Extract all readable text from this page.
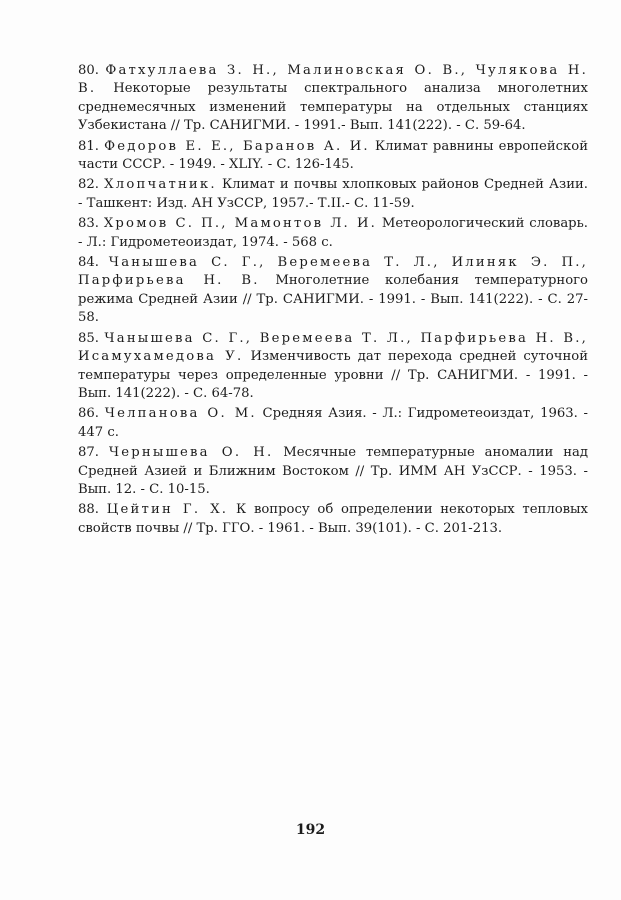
80. Фатхуллаева З. Н., Малиновская О. В., Чулякова Н. В. Некоторые результаты спектрального анализа многолетних среднемесячных изменений температуры на отдельных станциях Узбекистана // Тр. САНИГМИ. - 1991.- Вып. 141(222). - С. 59-64.

81. Федоров Е. Е., Баранов А. И. Климат равнины европейской части СССР. - 1949. - XLIY. - С. 126-145.

82. Хлопчатник. Климат и почвы хлопковых районов Средней Азии. - Ташкент: Изд. АН УзССР, 1957.- Т.II.- С. 11-59.

83. Хромов С. П., Мамонтов Л. И. Метеорологический словарь. - Л.: Гидрометеоиздат, 1974. - 568 с.

84. Чанышева С. Г., Веремеева Т. Л., Илиняк Э. П., Парфирьева Н. В. Многолетние колебания температурного режима Средней Азии // Тр. САНИГМИ. - 1991. - Вып. 141(222). - С. 27-58.

85. Чанышева С. Г., Веремеева Т. Л., Парфирьева Н. В., Исамухамедова У. Изменчивость дат перехода средней суточной температуры через определенные уровни // Тр. САНИГМИ. - 1991. - Вып. 141(222). - С. 64-78.

86. Челпанова О. М. Средняя Азия. - Л.: Гидрометеоиздат, 1963. - 447 с.

87. Чернышева О. Н. Месячные температурные аномалии над Средней Азией и Ближним Востоком // Тр. ИММ АН УзССР. - 1953. - Вып. 12. - С. 10-15.

88. Цейтин Г. Х. К вопросу об определении некоторых тепловых свойств почвы // Тр. ГГО. - 1961. - Вып. 39(101). - С. 201-213.

192
